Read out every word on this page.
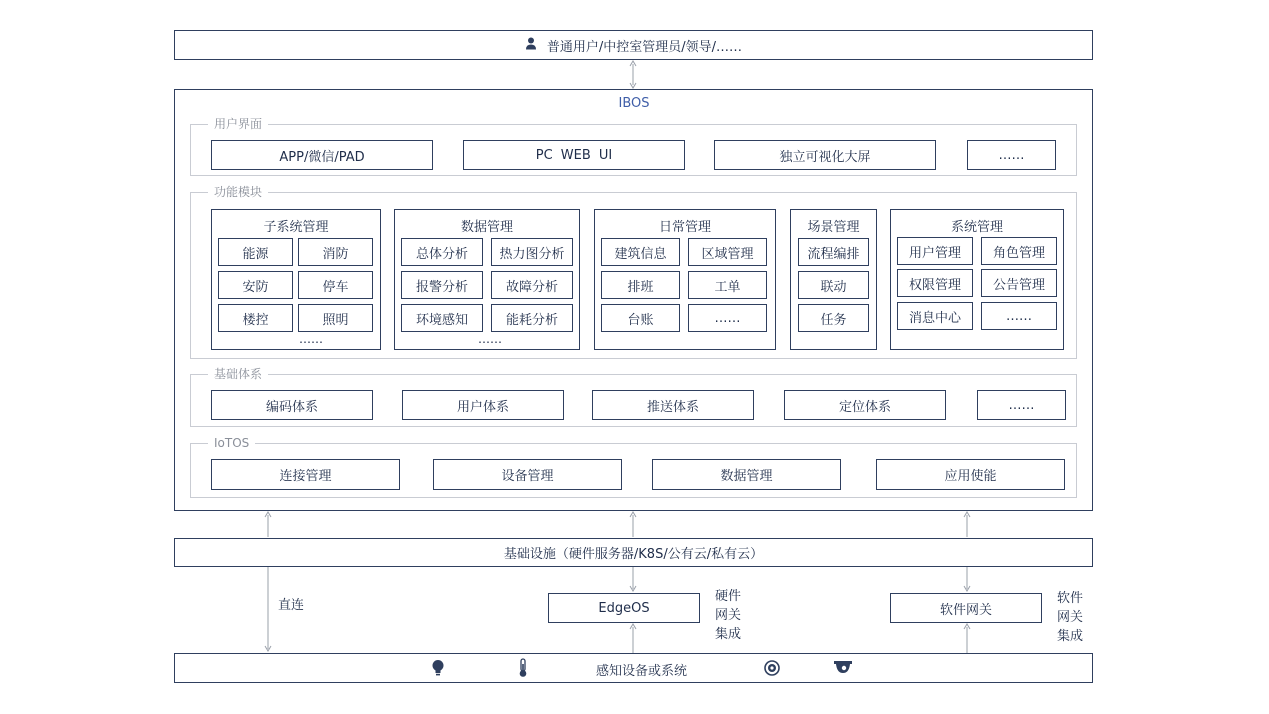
普通用户/中控室管理员/领导/……
IBOS
用户界面
APP/微信/PAD	PC WEB UI	独立可视化大屏	……
功能模块
子系统管理
能源	消防
安防	停车
楼控	照明
……
数据管理
总体分析	热力图分析
报警分析	故障分析
环境感知	能耗分析
……
日常管理
建筑信息	区域管理
排班	工单
台账	……
场景管理
流程编排
联动
任务
系统管理
用户管理	角色管理
权限管理	公告管理
消息中心	……
基础体系
编码体系	用户体系	推送体系	定位体系	……
IoTOS
连接管理	设备管理	数据管理	应用使能
基础设施（硬件服务器/K8S/公有云/私有云）
直连	EdgeOS
硬件
网关
集成
软件网关
软件
网关
集成
感知设备或系统
